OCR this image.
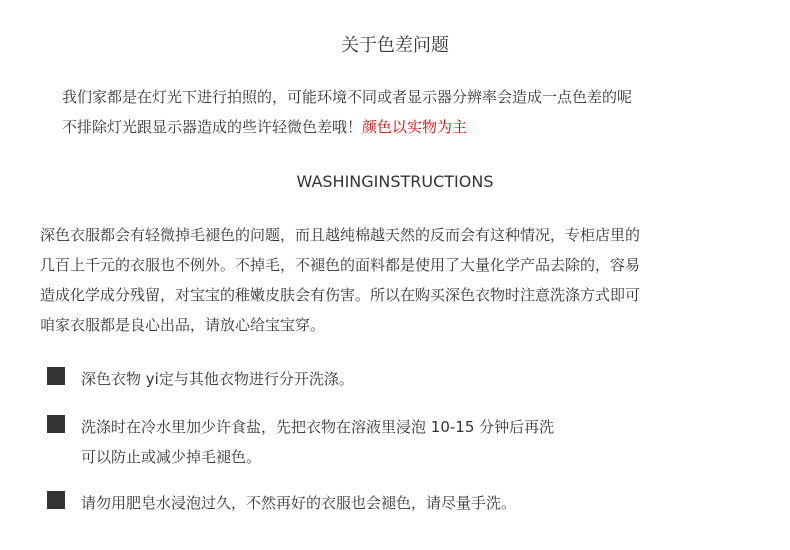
关于色差问题
我们家都是在灯光下进行拍照的，可能环境不同或者显示器分辨率会造成一点色差的呢
不排除灯光跟显示器造成的些许轻微色差哦！颜色以实物为主
WASHINGINSTRUCTIONS
深色衣服都会有轻微掉毛褪色的问题，而且越纯棉越天然的反而会有这种情况，专柜店里的
几百上千元的衣服也不例外。不掉毛，不褪色的面料都是使用了大量化学产品去除的，容易
造成化学成分残留，对宝宝的稚嫩皮肤会有伤害。所以在购买深色衣物时注意洗涤方式即可
咱家衣服都是良心出品，请放心给宝宝穿。
深色衣物 yi定与其他衣物进行分开洗涤。
洗涤时在冷水里加少许食盐，先把衣物在溶液里浸泡 10-15 分钟后再洗
可以防止或减少掉毛褪色。
请勿用肥皂水浸泡过久，不然再好的衣服也会褪色，请尽量手洗。
